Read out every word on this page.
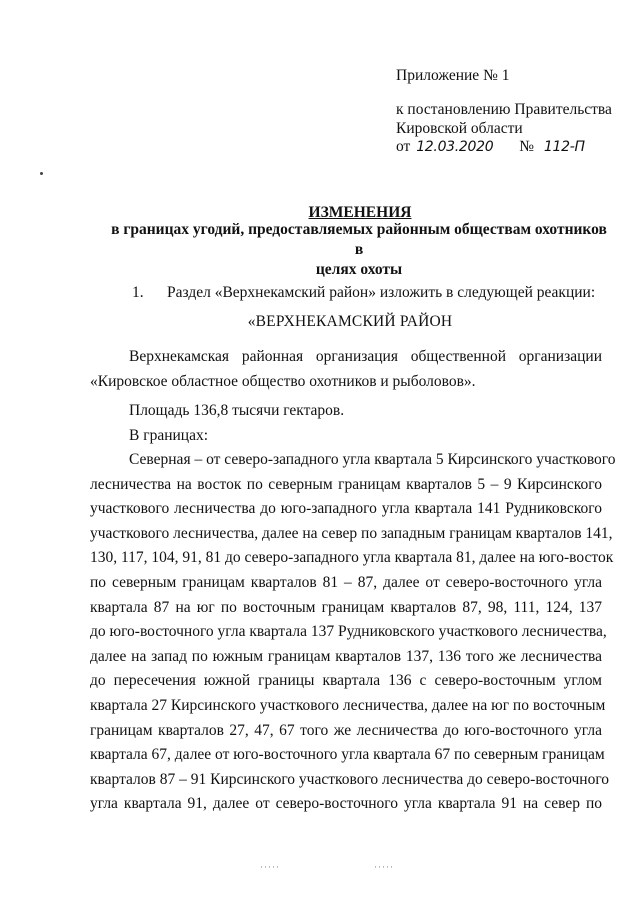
Приложение № 1
к постановлению Правительства
Кировской области
от 12.03.2020 № 112-П
ИЗМЕНЕНИЯ
в границах угодий, предоставляемых районным обществам охотников в
целях охоты
1. Раздел «Верхнекамский район» изложить в следующей реакции:
«ВЕРХНЕКАМСКИЙ РАЙОН
Верхнекамская районная организация общественной организации
«Кировское областное общество охотников и рыболовов».
Площадь 136,8 тысячи гектаров.
В границах:
Северная – от северо-западного угла квартала 5 Кирсинского участкового
лесничества на восток по северным границам кварталов 5 – 9 Кирсинского
участкового лесничества до юго-западного угла квартала 141 Рудниковского
участкового лесничества, далее на север по западным границам кварталов 141,
130, 117, 104, 91, 81 до северо-западного угла квартала 81, далее на юго-восток
по северным границам кварталов 81 – 87, далее от северо-восточного угла
квартала 87 на юг по восточным границам кварталов 87, 98, 111, 124, 137
до юго-восточного угла квартала 137 Рудниковского участкового лесничества,
далее на запад по южным границам кварталов 137, 136 того же лесничества
до пересечения южной границы квартала 136 с северо-восточным углом
квартала 27 Кирсинского участкового лесничества, далее на юг по восточным
границам кварталов 27, 47, 67 того же лесничества до юго-восточного угла
квартала 67, далее от юго-восточного угла квартала 67 по северным границам
кварталов 87 – 91 Кирсинского участкового лесничества до северо-восточного
угла квартала 91, далее от северо-восточного угла квартала 91 на север по
·····	·····
